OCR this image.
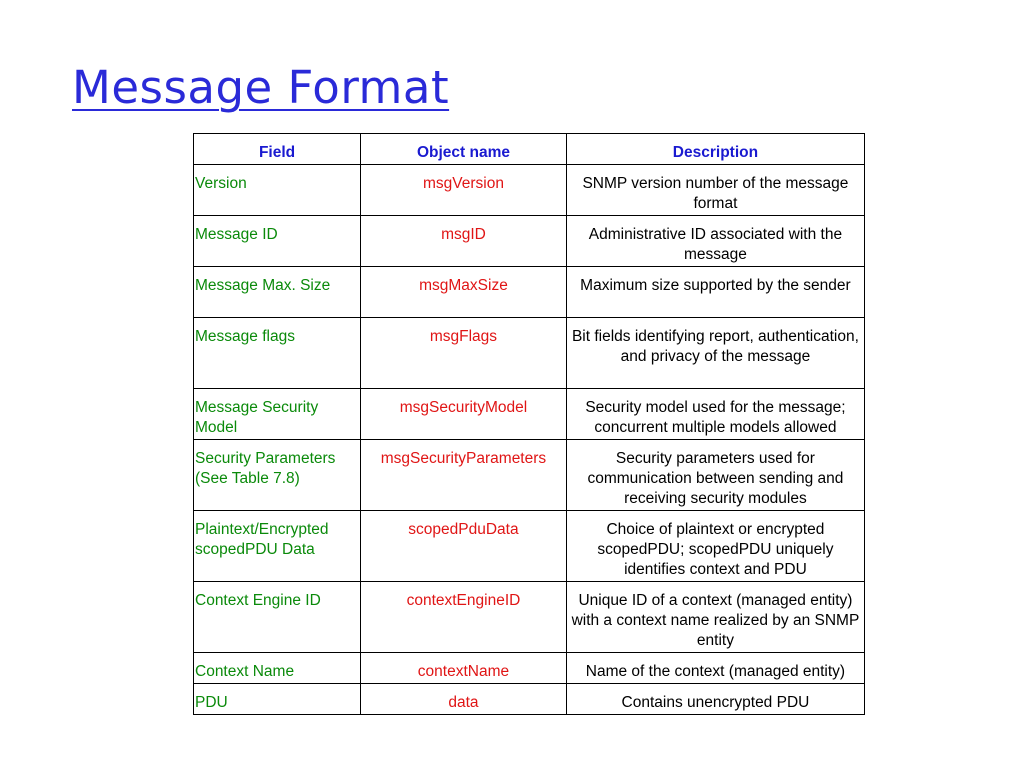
Message Format
Field	Object name	Description
Version	msgVersion	SNMP version number of the message format
Message ID	msgID	Administrative ID associated with the message
Message Max. Size	msgMaxSize	Maximum size supported by the sender
Message flags	msgFlags	Bit fields identifying report, authentication, and privacy of the message
Message Security Model	msgSecurityModel	Security model used for the message; concurrent multiple models allowed
Security Parameters (See Table 7.8)	msgSecurityParameters	Security parameters used for communication between sending and receiving security modules
Plaintext/Encrypted scopedPDU Data	scopedPduData	Choice of plaintext or encrypted scopedPDU; scopedPDU uniquely identifies context and PDU
Context Engine ID	contextEngineID	Unique ID of a context (managed entity) with a context name realized by an SNMP entity
Context Name	contextName	Name of the context (managed entity)
PDU	data	Contains unencrypted PDU
